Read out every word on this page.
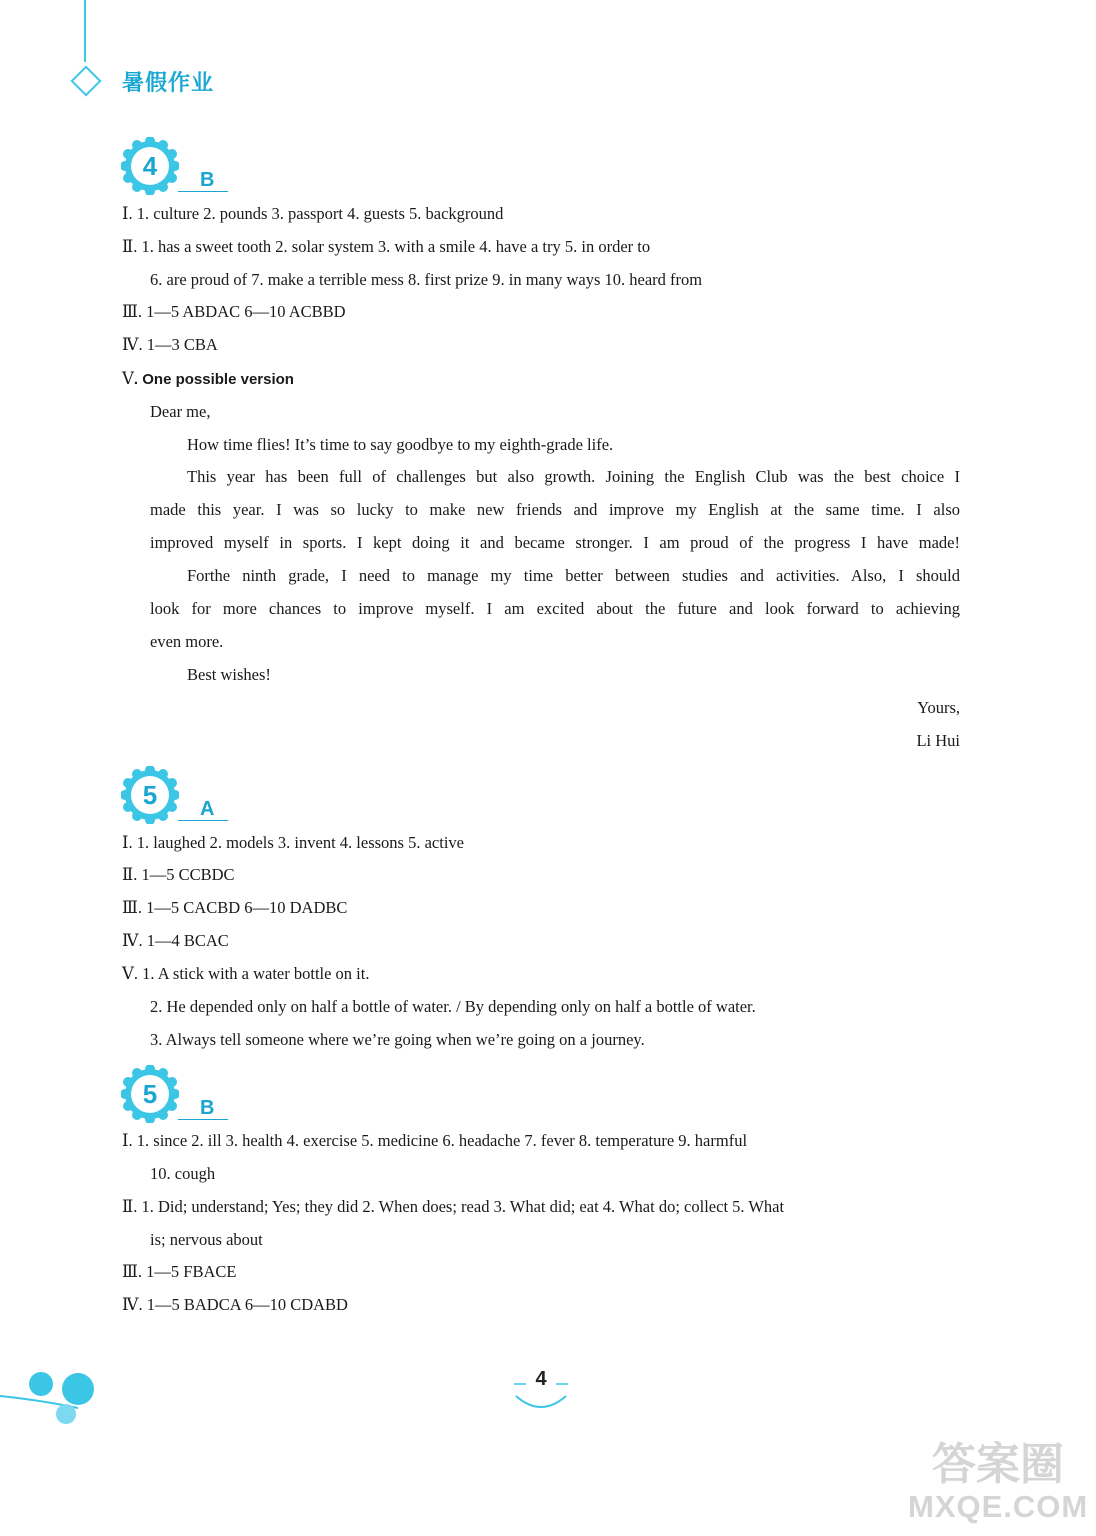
暑假作业
4 B
Ⅰ. 1. culture 2. pounds 3. passport 4. guests 5. background
Ⅱ. 1. has a sweet tooth 2. solar system 3. with a smile 4. have a try 5. in order to
6. are proud of 7. make a terrible mess 8. first prize 9. in many ways 10. heard from
Ⅲ. 1—5 ABDAC 6—10 ACBBD
Ⅳ. 1—3 CBA
Ⅴ. One possible version
Dear me,
How time flies! It’s time to say goodbye to my eighth-grade life.
This year has been full of challenges but also growth. Joining the English Club was the best choice I
made this year. I was so lucky to make new friends and improve my English at the same time. I also
improved myself in sports. I kept doing it and became stronger. I am proud of the progress I have made!
Forthe ninth grade, I need to manage my time better between studies and activities. Also, I should
look for more chances to improve myself. I am excited about the future and look forward to achieving
even more.
Best wishes!
Yours,
Li Hui
5 A
Ⅰ. 1. laughed 2. models 3. invent 4. lessons 5. active
Ⅱ. 1—5 CCBDC
Ⅲ. 1—5 CACBD 6—10 DADBC
Ⅳ. 1—4 BCAC
Ⅴ. 1. A stick with a water bottle on it.
2. He depended only on half a bottle of water. / By depending only on half a bottle of water.
3. Always tell someone where we’re going when we’re going on a journey.
5 B
Ⅰ. 1. since 2. ill 3. health 4. exercise 5. medicine 6. headache 7. fever 8. temperature 9. harmful
10. cough
Ⅱ. 1. Did; understand; Yes; they did 2. When does; read 3. What did; eat 4. What do; collect 5. What
is; nervous about
Ⅲ. 1—5 FBACE
Ⅳ. 1—5 BADCA 6—10 CDABD
4
答案圈
MXQE.COM
